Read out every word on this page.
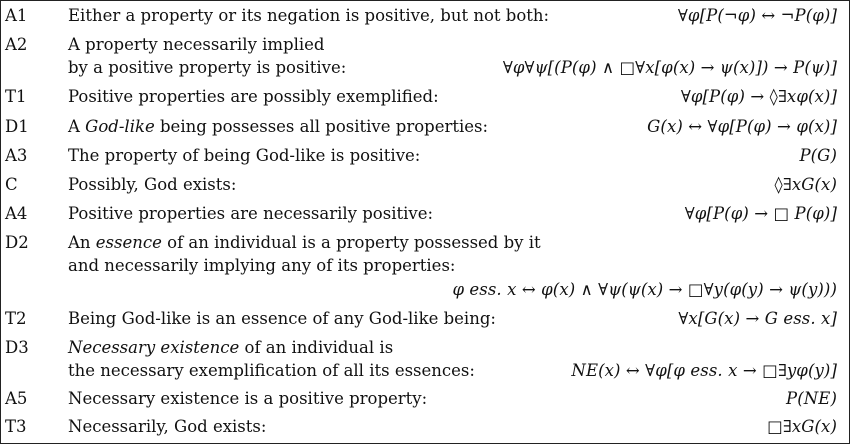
A1	Either a property or its negation is positive, but not both:	∀φ[P(¬φ) ↔ ¬P(φ)]
A2	A property necessarily implied
by a positive property is positive:	∀φ∀ψ[(P(φ) ∧ □∀x[φ(x) → ψ(x)]) → P(ψ)]
T1	Positive properties are possibly exemplified:	∀φ[P(φ) → ◊∃xφ(x)]
D1	A God-like being possesses all positive properties:	G(x) ↔ ∀φ[P(φ) → φ(x)]
A3	The property of being God-like is positive:	P(G)
C	Possibly, God exists:	◊∃xG(x)
A4	Positive properties are necessarily positive:	∀φ[P(φ) → □ P(φ)]
D2	An essence of an individual is a property possessed by it
and necessarily implying any of its properties:
φ ess. x ↔ φ(x) ∧ ∀ψ(ψ(x) → □∀y(φ(y) → ψ(y)))
T2	Being God-like is an essence of any God-like being:	∀x[G(x) → G ess. x]
D3	Necessary existence of an individual is
the necessary exemplification of all its essences:	NE(x) ↔ ∀φ[φ ess. x → □∃yφ(y)]
A5	Necessary existence is a positive property:	P(NE)
T3	Necessarily, God exists:	□∃xG(x)
